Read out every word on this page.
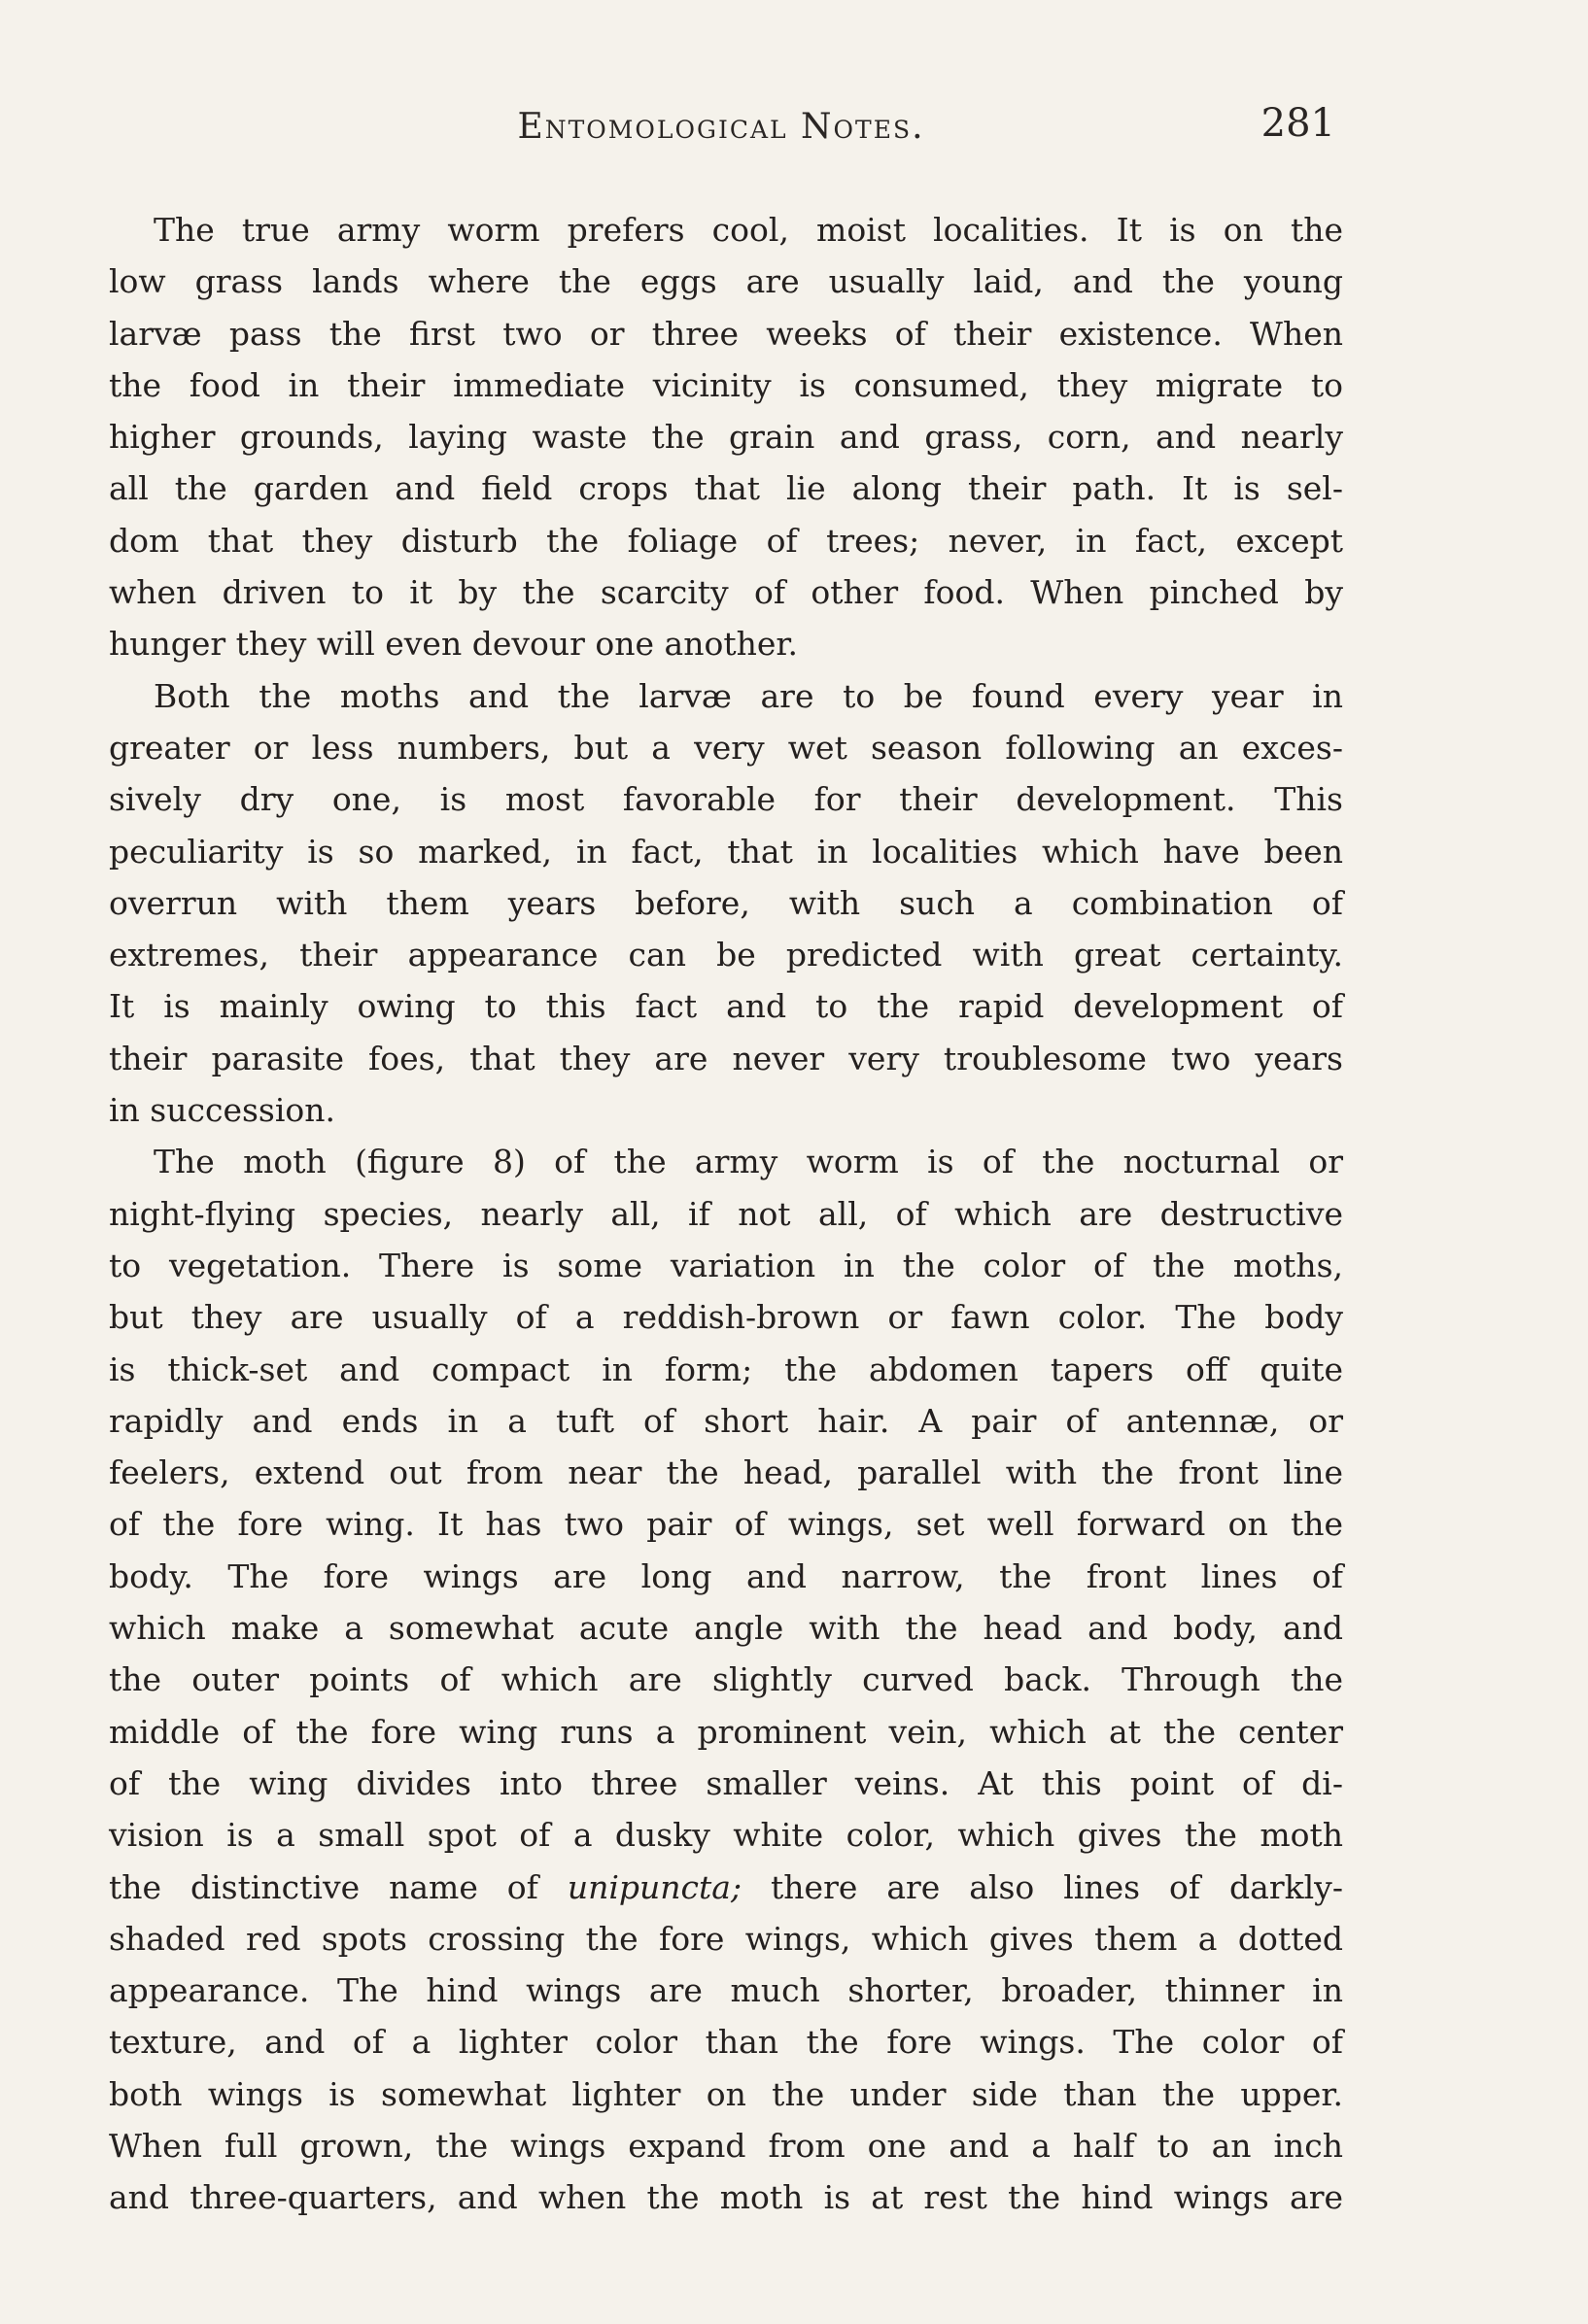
Entomological Notes.	281
The true army worm prefers cool, moist localities. It is on the
low grass lands where the eggs are usually laid, and the young
larvæ pass the first two or three weeks of their existence. When
the food in their immediate vicinity is consumed, they migrate to
higher grounds, laying waste the grain and grass, corn, and nearly
all the garden and field crops that lie along their path. It is sel-
dom that they disturb the foliage of trees; never, in fact, except
when driven to it by the scarcity of other food. When pinched by
hunger they will even devour one another.
Both the moths and the larvæ are to be found every year in
greater or less numbers, but a very wet season following an exces-
sively dry one, is most favorable for their development. This
peculiarity is so marked, in fact, that in localities which have been
overrun with them years before, with such a combination of
extremes, their appearance can be predicted with great certainty.
It is mainly owing to this fact and to the rapid development of
their parasite foes, that they are never very troublesome two years
in succession.
The moth (figure 8) of the army worm is of the nocturnal or
night-flying species, nearly all, if not all, of which are destructive
to vegetation. There is some variation in the color of the moths,
but they are usually of a reddish-brown or fawn color. The body
is thick-set and compact in form; the abdomen tapers off quite
rapidly and ends in a tuft of short hair. A pair of antennæ, or
feelers, extend out from near the head, parallel with the front line
of the fore wing. It has two pair of wings, set well forward on the
body. The fore wings are long and narrow, the front lines of
which make a somewhat acute angle with the head and body, and
the outer points of which are slightly curved back. Through the
middle of the fore wing runs a prominent vein, which at the center
of the wing divides into three smaller veins. At this point of di-
vision is a small spot of a dusky white color, which gives the moth
the distinctive name of unipuncta; there are also lines of darkly-
shaded red spots crossing the fore wings, which gives them a dotted
appearance. The hind wings are much shorter, broader, thinner in
texture, and of a lighter color than the fore wings. The color of
both wings is somewhat lighter on the under side than the upper.
When full grown, the wings expand from one and a half to an inch
and three-quarters, and when the moth is at rest the hind wings are
